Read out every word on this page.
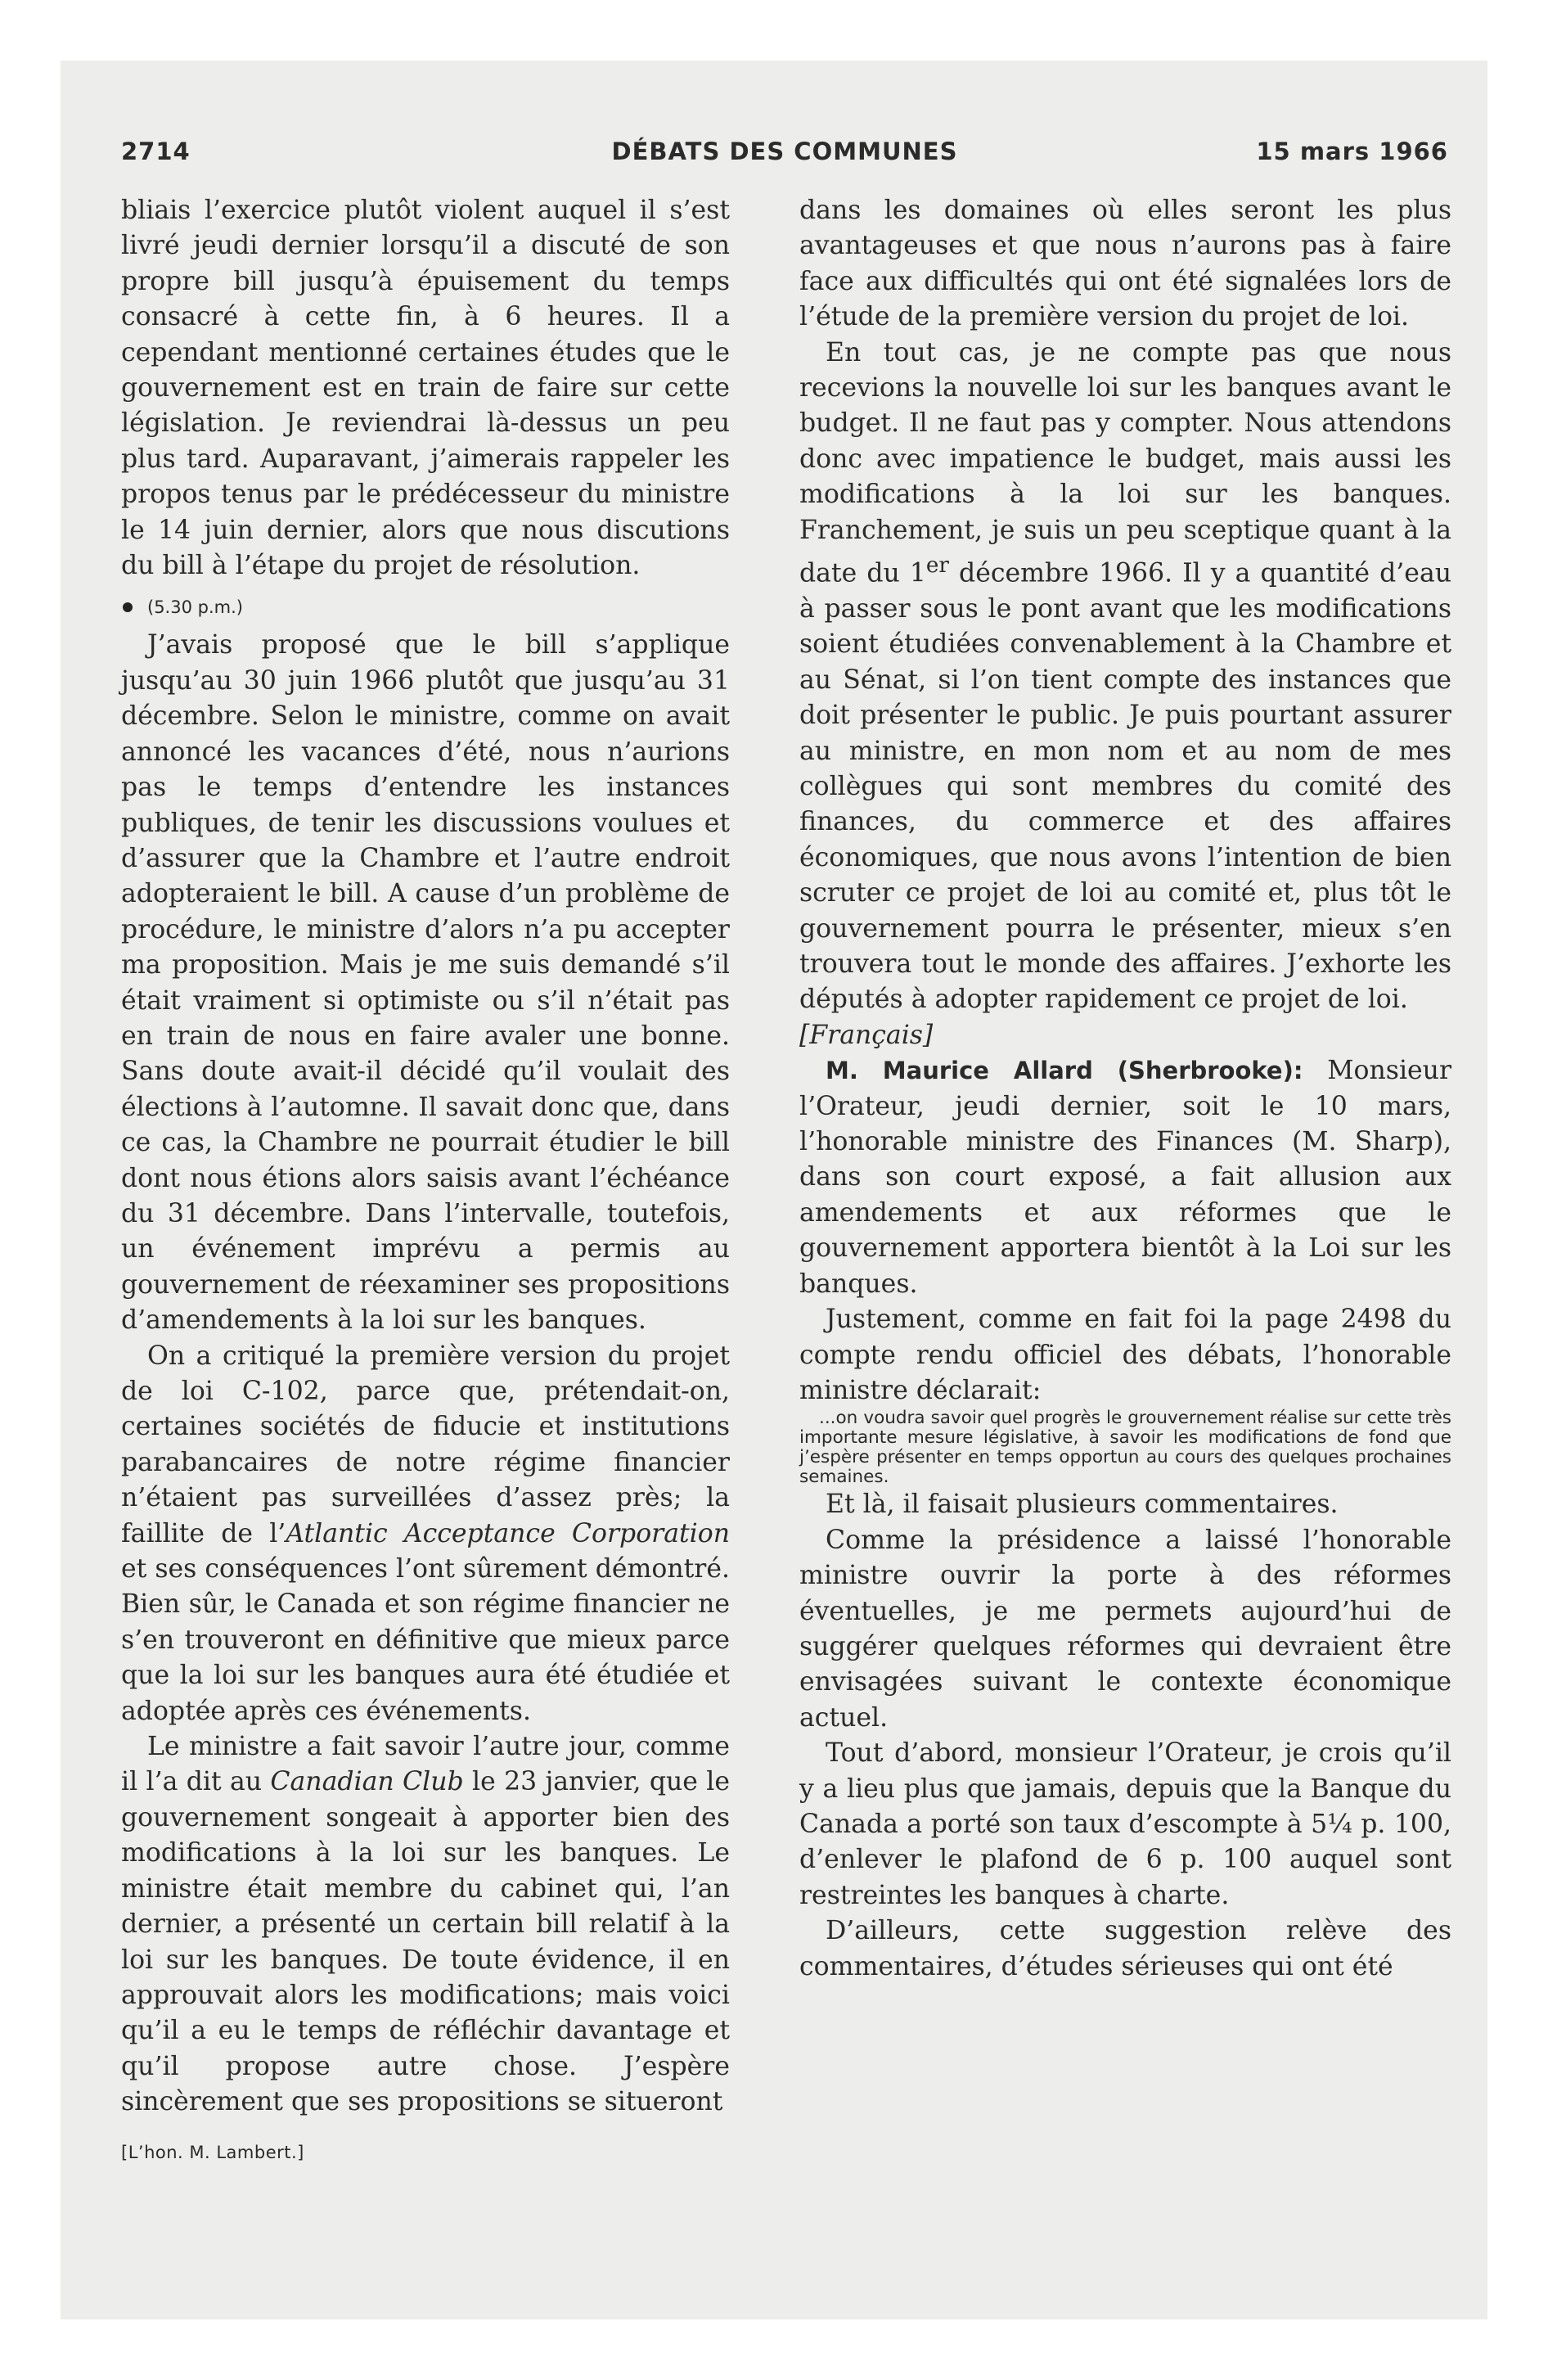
2714	DÉBATS DES COMMUNES	15 mars 1966

bliais l’exercice plutôt violent auquel il s’est livré jeudi dernier lorsqu’il a discuté de son propre bill jusqu’à épuisement du temps consacré à cette fin, à 6 heures. Il a cependant mentionné certaines études que le gouvernement est en train de faire sur cette législation. Je reviendrai là-dessus un peu plus tard. Auparavant, j’aimerais rappeler les propos tenus par le prédécesseur du ministre le 14 juin dernier, alors que nous discutions du bill à l’étape du projet de résolution.

(5.30 p.m.)

J’avais proposé que le bill s’applique jusqu’au 30 juin 1966 plutôt que jusqu’au 31 décembre. Selon le ministre, comme on avait annoncé les vacances d’été, nous n’aurions pas le temps d’entendre les instances publiques, de tenir les discussions voulues et d’assurer que la Chambre et l’autre endroit adopteraient le bill. A cause d’un problème de procédure, le ministre d’alors n’a pu accepter ma proposition. Mais je me suis demandé s’il était vraiment si optimiste ou s’il n’était pas en train de nous en faire avaler une bonne. Sans doute avait-il décidé qu’il voulait des élections à l’automne. Il savait donc que, dans ce cas, la Chambre ne pourrait étudier le bill dont nous étions alors saisis avant l’échéance du 31 décembre. Dans l’intervalle, toutefois, un événement imprévu a permis au gouvernement de réexaminer ses propositions d’amendements à la loi sur les banques.

On a critiqué la première version du projet de loi C-102, parce que, prétendait-on, certaines sociétés de fiducie et institutions parabancaires de notre régime financier n’étaient pas surveillées d’assez près; la faillite de l’Atlantic Acceptance Corporation et ses conséquences l’ont sûrement démontré. Bien sûr, le Canada et son régime financier ne s’en trouveront en définitive que mieux parce que la loi sur les banques aura été étudiée et adoptée après ces événements.

Le ministre a fait savoir l’autre jour, comme il l’a dit au Canadian Club le 23 janvier, que le gouvernement songeait à apporter bien des modifications à la loi sur les banques. Le ministre était membre du cabinet qui, l’an dernier, a présenté un certain bill relatif à la loi sur les banques. De toute évidence, il en approuvait alors les modifications; mais voici qu’il a eu le temps de réfléchir davantage et qu’il propose autre chose. J’espère sincèrement que ses propositions se situeront

[L’hon. M. Lambert.]

dans les domaines où elles seront les plus avantageuses et que nous n’aurons pas à faire face aux difficultés qui ont été signalées lors de l’étude de la première version du projet de loi.

En tout cas, je ne compte pas que nous recevions la nouvelle loi sur les banques avant le budget. Il ne faut pas y compter. Nous attendons donc avec impatience le budget, mais aussi les modifications à la loi sur les banques. Franchement, je suis un peu sceptique quant à la date du 1er décembre 1966. Il y a quantité d’eau à passer sous le pont avant que les modifications soient étudiées convenablement à la Chambre et au Sénat, si l’on tient compte des instances que doit présenter le public. Je puis pourtant assurer au ministre, en mon nom et au nom de mes collègues qui sont membres du comité des finances, du commerce et des affaires économiques, que nous avons l’intention de bien scruter ce projet de loi au comité et, plus tôt le gouvernement pourra le présenter, mieux s’en trouvera tout le monde des affaires. J’exhorte les députés à adopter rapidement ce projet de loi.

[Français]

M. Maurice Allard (Sherbrooke): Monsieur l’Orateur, jeudi dernier, soit le 10 mars, l’honorable ministre des Finances (M. Sharp), dans son court exposé, a fait allusion aux amendements et aux réformes que le gouvernement apportera bientôt à la Loi sur les banques.

Justement, comme en fait foi la page 2498 du compte rendu officiel des débats, l’honorable ministre déclarait:

...on voudra savoir quel progrès le grouvernement réalise sur cette très importante mesure législative, à savoir les modifications de fond que j’espère présenter en temps opportun au cours des quelques prochaines semaines.

Et là, il faisait plusieurs commentaires.

Comme la présidence a laissé l’honorable ministre ouvrir la porte à des réformes éventuelles, je me permets aujourd’hui de suggérer quelques réformes qui devraient être envisagées suivant le contexte économique actuel.

Tout d’abord, monsieur l’Orateur, je crois qu’il y a lieu plus que jamais, depuis que la Banque du Canada a porté son taux d’escompte à 5¼ p. 100, d’enlever le plafond de 6 p. 100 auquel sont restreintes les banques à charte.

D’ailleurs, cette suggestion relève des commentaires, d’études sérieuses qui ont été
